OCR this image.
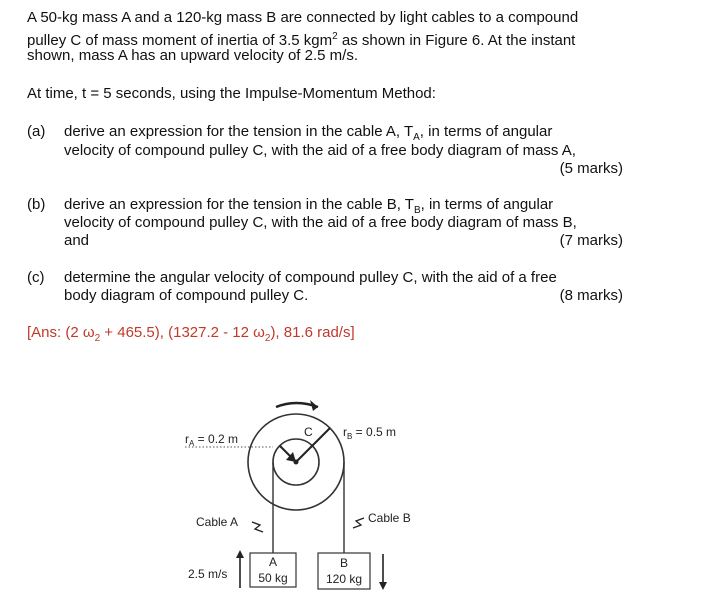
A 50-kg mass A and a 120-kg mass B are connected by light cables to a compound
pulley C of mass moment of inertia of 3.5 kgm$^2$ as shown in Figure 6. At the instant
shown, mass A has an upward velocity of 2.5 m/s.
At time, t = 5 seconds, using the Impulse-Momentum Method:
(a) derive an expression for the tension in the cable A, $T_A$, in terms of angular
velocity of compound pulley C, with the aid of a free body diagram of mass A,
(5 marks)
(b) derive an expression for the tension in the cable B, $T_B$, in terms of angular
velocity of compound pulley C, with the aid of a free body diagram of mass B,
and	(7 marks)
(c) determine the angular velocity of compound pulley C, with the aid of a free
body diagram of compound pulley C.	(8 marks)
[Ans: (2 $\omega_2 + 465.5$), (1327.2 - 12 $\omega_2$), 81.6 rad/s]
C
$r_A = 0.2$ m	$r_B = 0.5$ m
Cable A	Cable B
2.5 m/s
A
50 kg
B
120 kg
